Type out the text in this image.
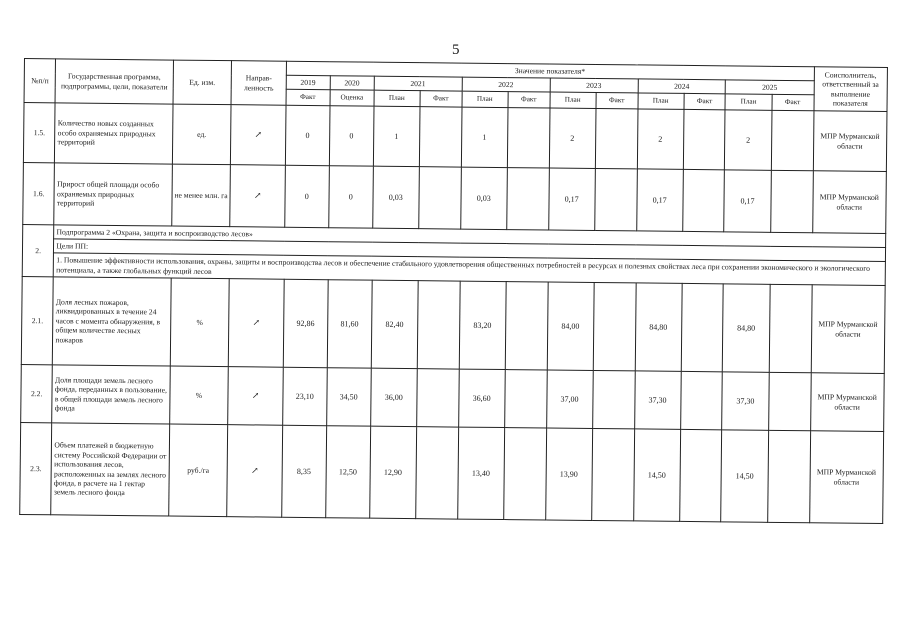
5
№п/п	Государственная программа, подпрограммы, цели, показатели	Ед. изм.	Направ-ленность	Значение показателя*												Соисполнитель, ответственный за выполнение показателя
				2019	2020	2021		2022		2023		2024		2025		
				Факт	Оценка	План	Факт	План	Факт	План	Факт	План	Факт	План	Факт	
1.5.	Количество новых созданных особо охраняемых природных территорий	ед.	↗	0	0	1		1		2		2		2		МПР Мурманской области
1.6.	Прирост общей площади особо охраняемых природных территорий	не менее млн. га	↗	0	0	0,03		0,03		0,17		0,17		0,17		МПР Мурманской области
2.	Подпрограмма 2 «Охрана, защита и воспроизводство лесов»															
	Цели ПП:															
	1. Повышение эффективности использования, охраны, защиты и воспроизводства лесов и обеспечение стабильного удовлетворения общественных потребностей в ресурсах и полезных свойствах леса при сохранении экономического и экологического потенциала, а также глобальных функций лесов															
2.1.	Доля лесных пожаров, ликвидированных в течение 24 часов с момента обнаружения, в общем количестве лесных пожаров	%	↗	92,86	81,60	82,40		83,20		84,00		84,80		84,80		МПР Мурманской области
2.2.	Доля площади земель лесного фонда, переданных в пользование, в общей площади земель лесного фонда	%	↗	23,10	34,50	36,00		36,60		37,00		37,30		37,30		МПР Мурманской области
2.3.	Объем платежей в бюджетную систему Российской Федерации от использования лесов, расположенных на землях лесного фонда, в расчете на 1 гектар земель лесного фонда	руб./га	↗	8,35	12,50	12,90		13,40		13,90		14,50		14,50		МПР Мурманской области
